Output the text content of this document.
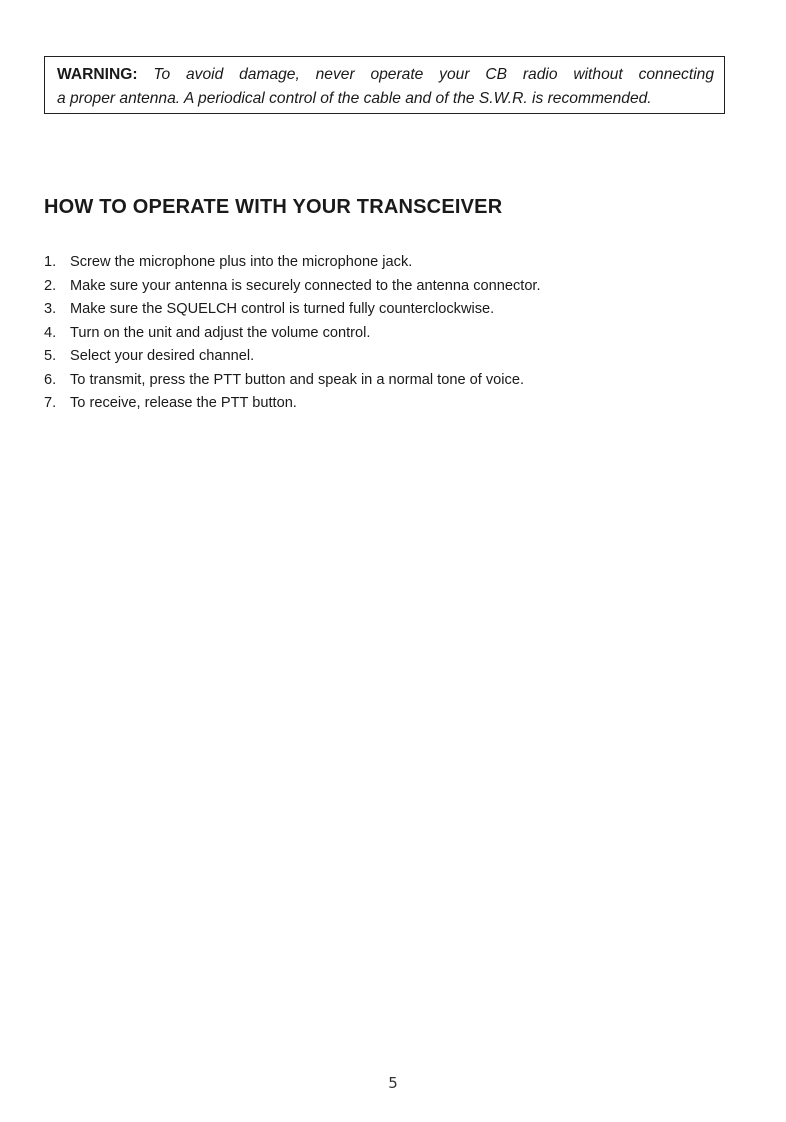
WARNING: To avoid damage, never operate your CB radio without connecting
a proper antenna. A periodical control of the cable and of the S.W.R. is recommended.
HOW TO OPERATE WITH YOUR TRANSCEIVER
1. Screw the microphone plus into the microphone jack.
2. Make sure your antenna is securely connected to the antenna connector.
3. Make sure the SQUELCH control is turned fully counterclockwise.
4. Turn on the unit and adjust the volume control.
5. Select your desired channel.
6. To transmit, press the PTT button and speak in a normal tone of voice.
7. To receive, release the PTT button.
5
